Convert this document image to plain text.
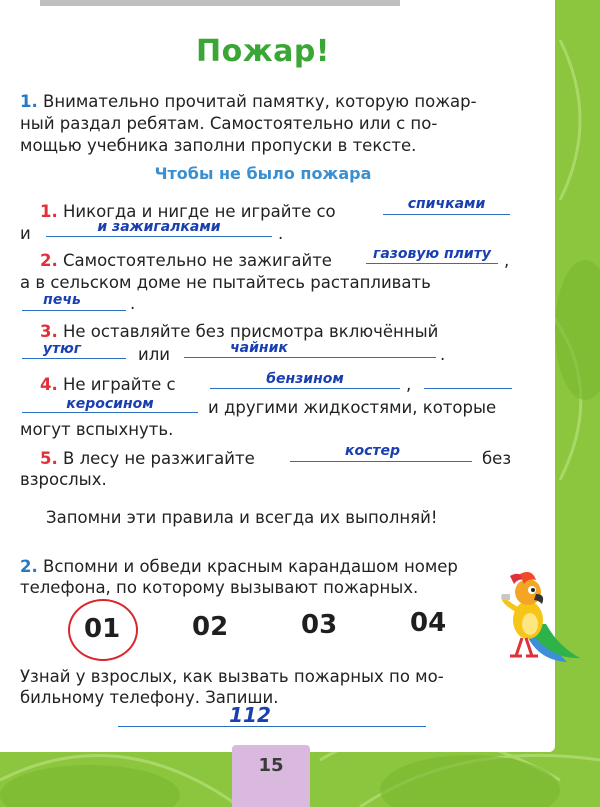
Пожар!
1. Внимательно прочитай памятку, которую пожар-
ный раздал ребятам. Самостоятельно или с по-
мощью учебника заполни пропуски в тексте.
Чтобы не было пожара
1. Никогда и нигде не играйте со	спичками
и	и зажигалками	.
2. Самостоятельно не зажигайте	газовую плиту ,
а в сельском доме не пытайтесь растапливать
печь	.
3. Не оставляйте без присмотра включённый
утюг	или	чайник	.
4. Не играйте с	бензином	,
керосином	и другими жидкостями, которые
могут вспыхнуть.
5. В лесу не разжигайте	костер	без
взрослых.
Запомни эти правила и всегда их выполняй!
2. Вспомни и обведи красным карандашом номер
телефона, по которому вызывают пожарных.
01	02	03	04
Узнай у взрослых, как вызвать пожарных по мо-
бильному телефону. Запиши.
112
15
